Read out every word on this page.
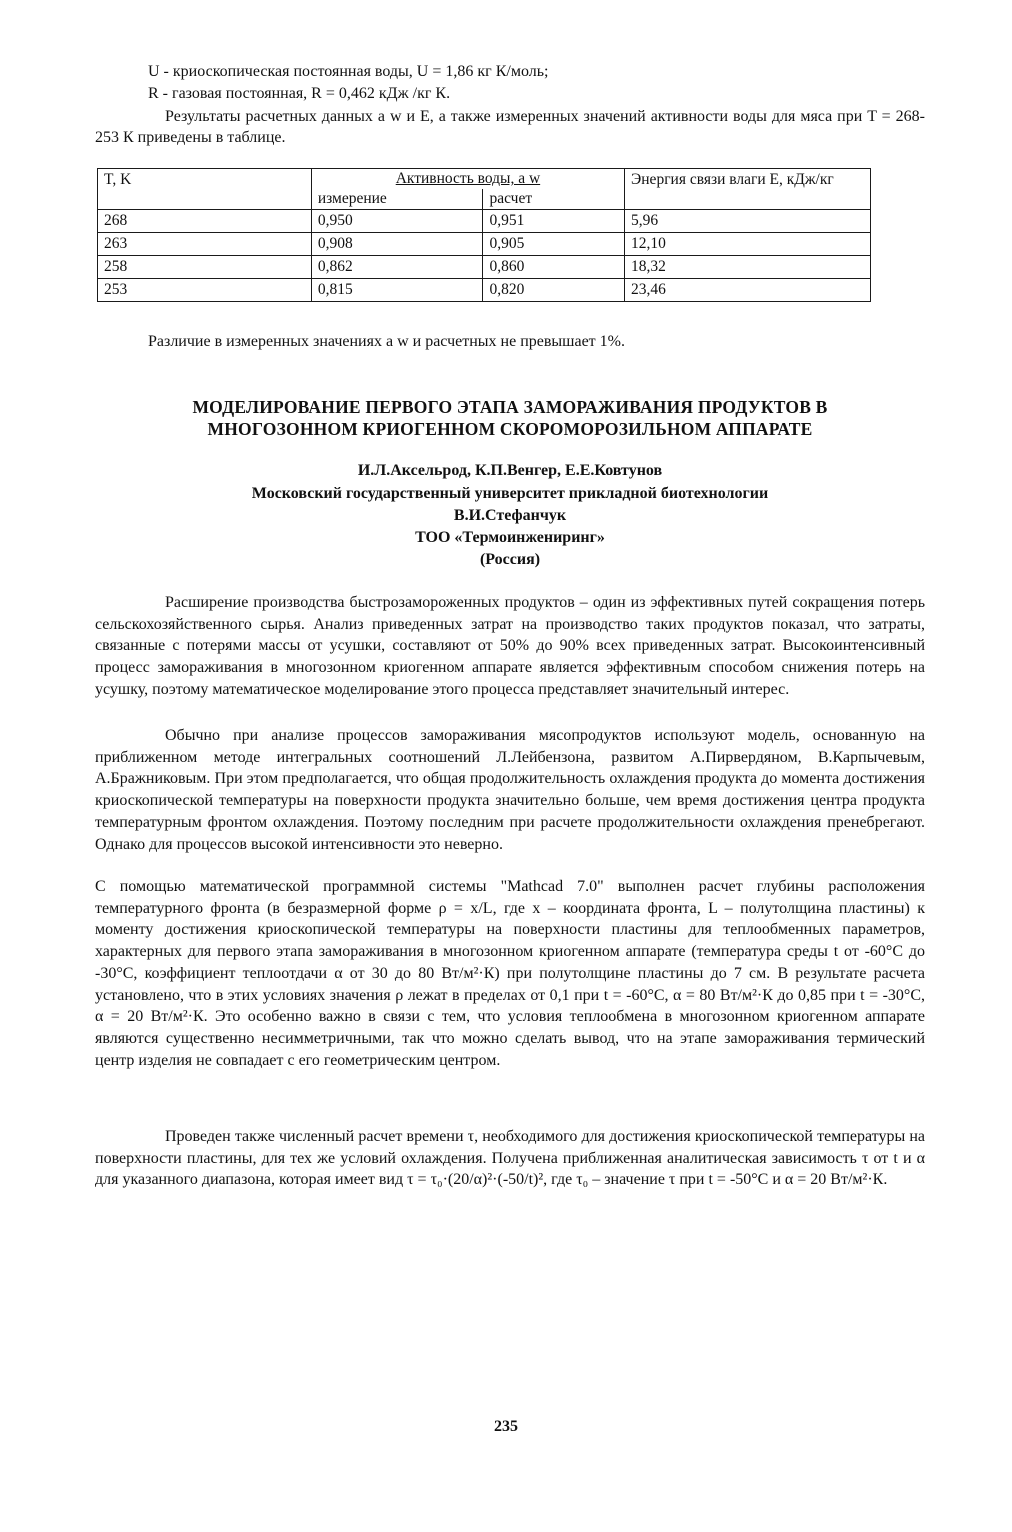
U - криоскопическая постоянная воды, U = 1,86 кг К/моль;
R - газовая постоянная, R = 0,462 кДж /кг К.
Результаты расчетных данных a w и E, а также измеренных значений активности воды для мяса при T = 268- 253 К приведены в таблице.
T, K	Активность воды, a w		Энергия связи влаги E, кДж/кг
	измерение	расчет	
268	0,950	0,951	5,96
263	0,908	0,905	12,10
258	0,862	0,860	18,32
253	0,815	0,820	23,46
Различие в измеренных значениях a w и расчетных не превышает 1%.
МОДЕЛИРОВАНИЕ ПЕРВОГО ЭТАПА ЗАМОРАЖИВАНИЯ ПРОДУКТОВ В
МНОГОЗОННОМ КРИОГЕННОМ СКОРОМОРОЗИЛЬНОМ АППАРАТЕ
И.Л.Аксельрод, К.П.Венгер, Е.Е.Ковтунов
Московский государственный университет прикладной биотехнологии
В.И.Стефанчук
ТОО «Термоинжениринг»
(Россия)
Расширение производства быстрозамороженных продуктов – один из эффективных путей сокращения потерь сельскохозяйственного сырья. Анализ приведенных затрат на производство таких продуктов показал, что затраты, связанные с потерями массы от усушки, составляют от 50% до 90% всех приведенных затрат. Высокоинтенсивный процесс замораживания в многозонном криогенном аппарате является эффективным способом снижения потерь на усушку, поэтому математическое моделирование этого процесса представляет значительный интерес.
Обычно при анализе процессов замораживания мясопродуктов используют модель, основанную на приближенном методе интегральных соотношений Л.Лейбензона, развитом А.Пирвердяном, В.Карпычевым, А.Бражниковым. При этом предполагается, что общая продолжительность охлаждения продукта до момента достижения криоскопической температуры на поверхности продукта значительно больше, чем время достижения центра продукта температурным фронтом охлаждения. Поэтому последним при расчете продолжительности охлаждения пренебрегают. Однако для процессов высокой интенсивности это неверно.
С помощью математической программной системы "Mathcad 7.0" выполнен расчет глубины расположения температурного фронта (в безразмерной форме ρ = x/L, где x – координата фронта, L – полутолщина пластины) к моменту достижения криоскопической температуры на поверхности пластины для теплообменных параметров, характерных для первого этапа замораживания в многозонном криогенном аппарате (температура среды t от -60°С до -30°С, коэффициент теплоотдачи α от 30 до 80 Вт/м²·К) при полутолщине пластины до 7 см. В результате расчета установлено, что в этих условиях значения ρ лежат в пределах от 0,1 при t = -60°С, α = 80 Вт/м²·К до 0,85 при t = -30°С, α = 20 Вт/м²·К. Это особенно важно в связи с тем, что условия теплообмена в многозонном криогенном аппарате являются существенно несимметричными, так что можно сделать вывод, что на этапе замораживания термический центр изделия не совпадает с его геометрическим центром.
Проведен также численный расчет времени τ, необходимого для достижения криоскопической температуры на поверхности пластины, для тех же условий охлаждения. Получена приближенная аналитическая зависимость τ от t и α для указанного диапазона, которая имеет вид τ = τ₀·(20/α)²·(-50/t)², где τ₀ – значение τ при t = -50°С и α = 20 Вт/м²·К.
235
